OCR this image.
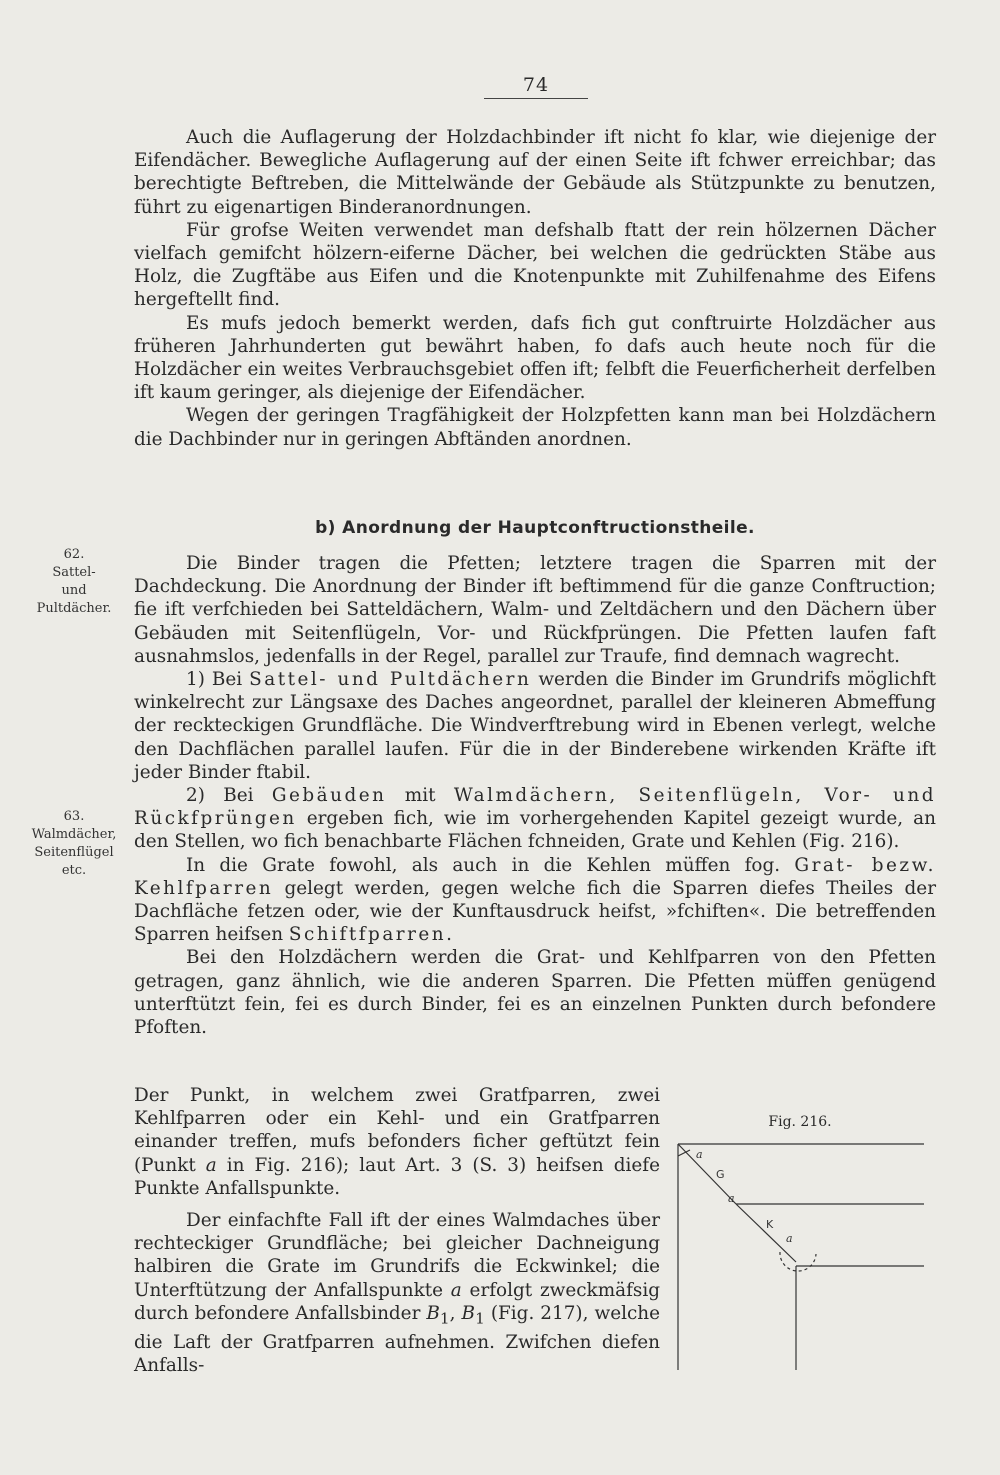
74

Auch die Auflagerung der Holzdachbinder ift nicht fo klar, wie diejenige der Eifendächer. Bewegliche Auflagerung auf der einen Seite ift fchwer erreichbar; das berechtigte Beftreben, die Mittelwände der Gebäude als Stützpunkte zu benutzen, führt zu eigenartigen Binderanordnungen.

Für grofse Weiten verwendet man defshalb ftatt der rein hölzernen Dächer vielfach gemifcht hölzern-eiferne Dächer, bei welchen die gedrückten Stäbe aus Holz, die Zugftäbe aus Eifen und die Knotenpunkte mit Zuhilfenahme des Eifens hergeftellt find.

Es mufs jedoch bemerkt werden, dafs fich gut conftruirte Holzdächer aus früheren Jahrhunderten gut bewährt haben, fo dafs auch heute noch für die Holzdächer ein weites Verbrauchsgebiet offen ift; felbft die Feuerficherheit derfelben ift kaum geringer, als diejenige der Eifendächer.

Wegen der geringen Tragfähigkeit der Holzpfetten kann man bei Holzdächern die Dachbinder nur in geringen Abftänden anordnen.

b) Anordnung der Hauptconftructionstheile.
62.
Sattel-
und
Pultdächer.
63.
Walmdächer,
Seitenflügel
etc.

Die Binder tragen die Pfetten; letztere tragen die Sparren mit der Dachdeckung. Die Anordnung der Binder ift beftimmend für die ganze Conftruction; fie ift verfchieden bei Satteldächern, Walm- und Zeltdächern und den Dächern über Gebäuden mit Seitenflügeln, Vor- und Rückfprüngen. Die Pfetten laufen faft ausnahmslos, jedenfalls in der Regel, parallel zur Traufe, find demnach wagrecht.

1) Bei Sattel- und Pultdächern werden die Binder im Grundrifs möglichft winkelrecht zur Längsaxe des Daches angeordnet, parallel der kleineren Abmeffung der reckteckigen Grundfläche. Die Windverftrebung wird in Ebenen verlegt, welche den Dachflächen parallel laufen. Für die in der Binderebene wirkenden Kräfte ift jeder Binder ftabil.

2) Bei Gebäuden mit Walmdächern, Seitenflügeln, Vor- und Rückfprüngen ergeben fich, wie im vorhergehenden Kapitel gezeigt wurde, an den Stellen, wo fich benachbarte Flächen fchneiden, Grate und Kehlen (Fig. 216).

In die Grate fowohl, als auch in die Kehlen müffen fog. Grat- bezw. Kehlfparren gelegt werden, gegen welche fich die Sparren diefes Theiles der Dachfläche fetzen oder, wie der Kunftausdruck heifst, »fchiften«. Die betreffenden Sparren heifsen Schiftfparren.

Bei den Holzdächern werden die Grat- und Kehlfparren von den Pfetten getragen, ganz ähnlich, wie die anderen Sparren. Die Pfetten müffen genügend unterftützt fein, fei es durch Binder, fei es an einzelnen Punkten durch befondere Pfoften.

Der Punkt, in welchem zwei Gratfparren, zwei Kehlfparren oder ein Kehl- und ein Gratfparren einander treffen, mufs befonders ficher geftützt fein (Punkt a in Fig. 216); laut Art. 3 (S. 3) heifsen diefe Punkte Anfallspunkte.

Der einfachfte Fall ift der eines Walmdaches über rechteckiger Grundfläche; bei gleicher Dachneigung halbiren die Grate im Grundrifs die Eckwinkel; die Unterftützung der Anfallspunkte a erfolgt zweckmäfsig durch befondere Anfallsbinder $B_1$, $B_1$ (Fig. 217), welche die Laft der Gratfparren aufnehmen. Zwifchen diefen Anfalls-

Fig. 216.
a
G
a
K
a
